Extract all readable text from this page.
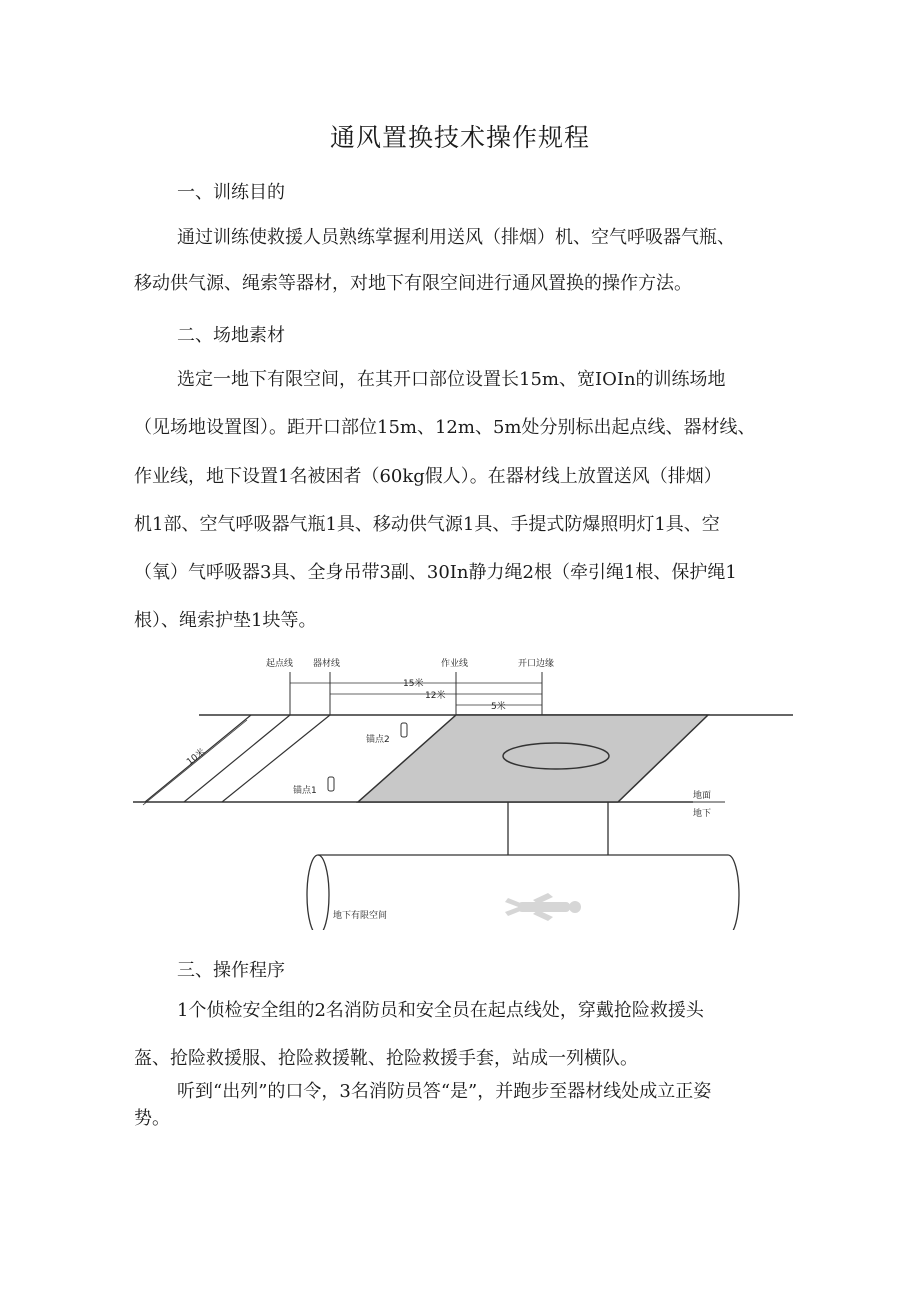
通风置换技术操作规程
一、训练目的
通过训练使救援人员熟练掌握利用送风（排烟）机、空气呼吸器气瓶、
移动供气源、绳索等器材，对地下有限空间进行通风置换的操作方法。
二、场地素材
选定一地下有限空间，在其开口部位设置长15m、宽IOIn的训练场地
（见场地设置图）。距开口部位15m、12m、5m处分别标出起点线、器材线、
作业线，地下设置1名被困者（60kg假人）。在器材线上放置送风（排烟）
机1部、空气呼吸器气瓶1具、移动供气源1具、手提式防爆照明灯1具、空
（氧）气呼吸器3具、全身吊带3副、30In静力绳2根（牵引绳1根、保护绳1
根）、绳索护垫1块等。
10米
起点线 器材线	作业线	开口边缘
15米
12米
5米
锚点2
锚点1	地面
地下
地下有限空间
三、操作程序
1个侦检安全组的2名消防员和安全员在起点线处，穿戴抢险救援头
盔、抢险救援服、抢险救援靴、抢险救援手套，站成一列横队。
听到“出列”的口令，3名消防员答“是”，并跑步至器材线处成立正姿
势。
